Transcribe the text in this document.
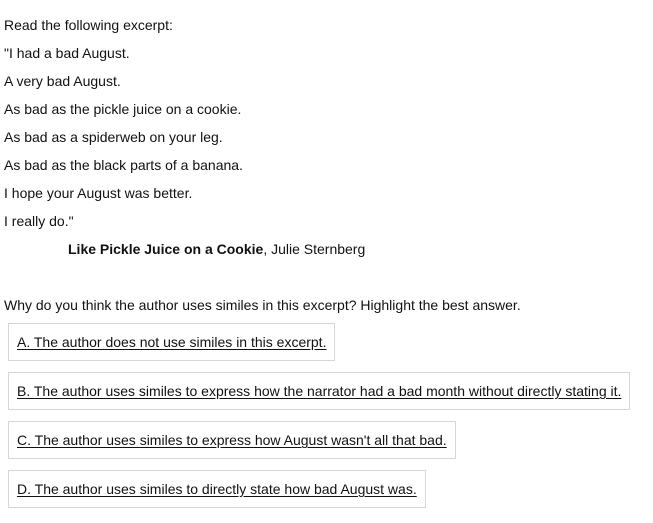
Read the following excerpt:
"I had a bad August.
A very bad August.
As bad as the pickle juice on a cookie.
As bad as a spiderweb on your leg.
As bad as the black parts of a banana.
I hope your August was better.
I really do."
Like Pickle Juice on a Cookie, Julie Sternberg
Why do you think the author uses similes in this excerpt? Highlight the best answer.
A. The author does not use similes in this excerpt.
B. The author uses similes to express how the narrator had a bad month without directly stating it.
C. The author uses similes to express how August wasn't all that bad.
D. The author uses similes to directly state how bad August was.
